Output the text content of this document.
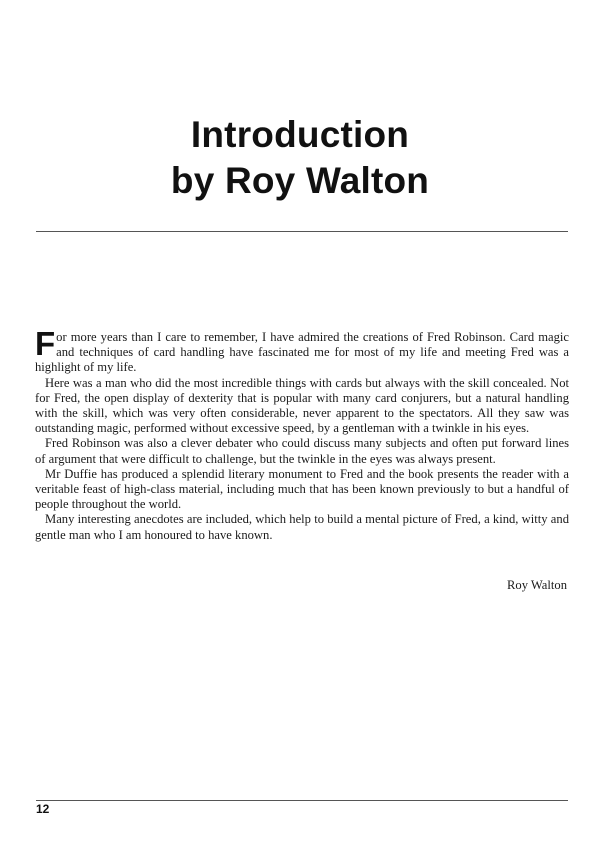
Introduction
by Roy Walton

For more years than I care to remember, I have admired the creations of Fred Robinson. Card magic and techniques of card handling have fascinated me for most of my life and meeting Fred was a highlight of my life.

Here was a man who did the most incredible things with cards but always with the skill concealed. Not for Fred, the open display of dexterity that is popular with many card conjurers, but a natural handling with the skill, which was very often considerable, never apparent to the spectators. All they saw was outstanding magic, performed without excessive speed, by a gentleman with a twinkle in his eyes.

Fred Robinson was also a clever debater who could discuss many subjects and often put forward lines of argument that were difficult to challenge, but the twinkle in the eyes was always present.

Mr Duffie has produced a splendid literary monument to Fred and the book presents the reader with a veritable feast of high-class material, including much that has been known previously to but a handful of people throughout the world.

Many interesting anecdotes are included, which help to build a mental picture of Fred, a kind, witty and gentle man who I am honoured to have known.

Roy Walton
12
